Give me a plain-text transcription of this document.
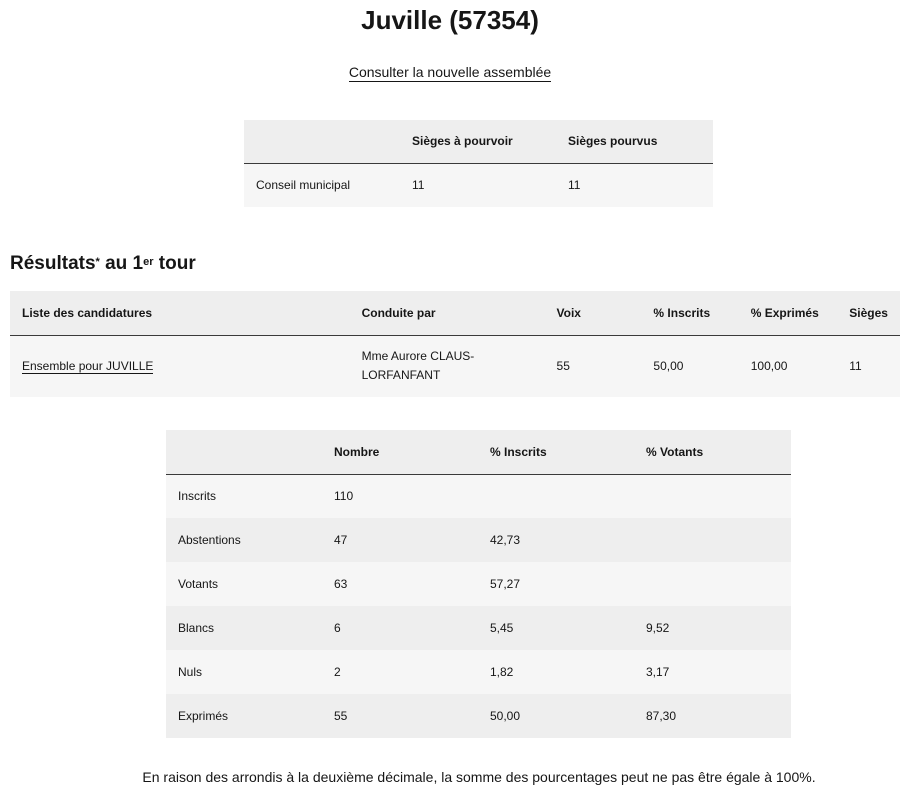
Juville (57354)
Consulter la nouvelle assemblée
	Sièges à pourvoir	Sièges pourvus
Conseil municipal	11	11
Résultats* au 1er tour
Liste des candidatures	Conduite par	Voix	% Inscrits	% Exprimés	Sièges
Ensemble pour JUVILLE	Mme Aurore CLAUS-LORFANFANT	55	50,00	100,00	11
	Nombre	% Inscrits	% Votants
Inscrits	110		
Abstentions	47	42,73	
Votants	63	57,27	
Blancs	6	5,45	9,52
Nuls	2	1,82	3,17
Exprimés	55	50,00	87,30
En raison des arrondis à la deuxième décimale, la somme des pourcentages peut ne pas être égale à 100%.
